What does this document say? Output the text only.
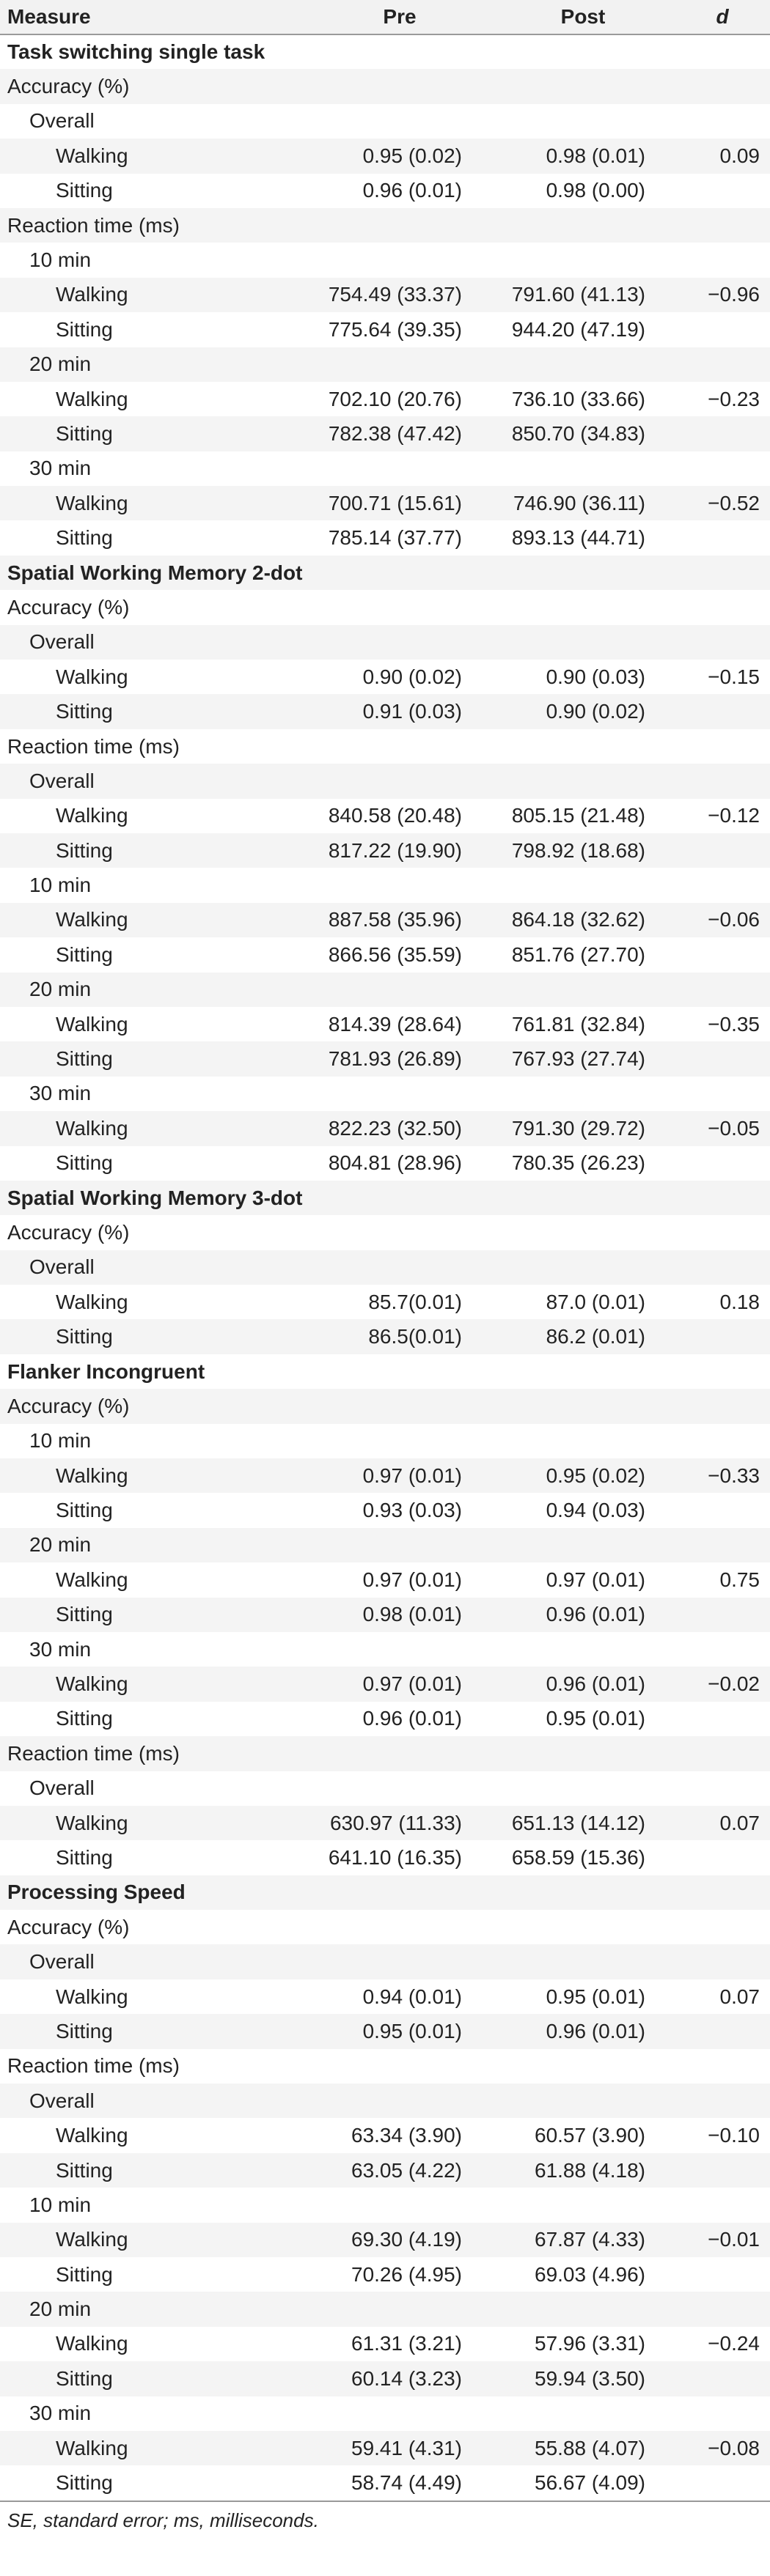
Measure	Pre	Post	d
Task switching single task			
Accuracy (%)			
Overall			
Walking	0.95 (0.02)	0.98 (0.01)	0.09
Sitting	0.96 (0.01)	0.98 (0.00)	
Reaction time (ms)			
10 min			
Walking	754.49 (33.37)	791.60 (41.13)	−0.96
Sitting	775.64 (39.35)	944.20 (47.19)	
20 min			
Walking	702.10 (20.76)	736.10 (33.66)	−0.23
Sitting	782.38 (47.42)	850.70 (34.83)	
30 min			
Walking	700.71 (15.61)	746.90 (36.11)	−0.52
Sitting	785.14 (37.77)	893.13 (44.71)	
Spatial Working Memory 2-dot			
Accuracy (%)			
Overall			
Walking	0.90 (0.02)	0.90 (0.03)	−0.15
Sitting	0.91 (0.03)	0.90 (0.02)	
Reaction time (ms)			
Overall			
Walking	840.58 (20.48)	805.15 (21.48)	−0.12
Sitting	817.22 (19.90)	798.92 (18.68)	
10 min			
Walking	887.58 (35.96)	864.18 (32.62)	−0.06
Sitting	866.56 (35.59)	851.76 (27.70)	
20 min			
Walking	814.39 (28.64)	761.81 (32.84)	−0.35
Sitting	781.93 (26.89)	767.93 (27.74)	
30 min			
Walking	822.23 (32.50)	791.30 (29.72)	−0.05
Sitting	804.81 (28.96)	780.35 (26.23)	
Spatial Working Memory 3-dot			
Accuracy (%)			
Overall			
Walking	85.7(0.01)	87.0 (0.01)	0.18
Sitting	86.5(0.01)	86.2 (0.01)	
Flanker Incongruent			
Accuracy (%)			
10 min			
Walking	0.97 (0.01)	0.95 (0.02)	−0.33
Sitting	0.93 (0.03)	0.94 (0.03)	
20 min			
Walking	0.97 (0.01)	0.97 (0.01)	0.75
Sitting	0.98 (0.01)	0.96 (0.01)	
30 min			
Walking	0.97 (0.01)	0.96 (0.01)	−0.02
Sitting	0.96 (0.01)	0.95 (0.01)	
Reaction time (ms)			
Overall			
Walking	630.97 (11.33)	651.13 (14.12)	0.07
Sitting	641.10 (16.35)	658.59 (15.36)	
Processing Speed			
Accuracy (%)			
Overall			
Walking	0.94 (0.01)	0.95 (0.01)	0.07
Sitting	0.95 (0.01)	0.96 (0.01)	
Reaction time (ms)			
Overall			
Walking	63.34 (3.90)	60.57 (3.90)	−0.10
Sitting	63.05 (4.22)	61.88 (4.18)	
10 min			
Walking	69.30 (4.19)	67.87 (4.33)	−0.01
Sitting	70.26 (4.95)	69.03 (4.96)	
20 min			
Walking	61.31 (3.21)	57.96 (3.31)	−0.24
Sitting	60.14 (3.23)	59.94 (3.50)	
30 min			
Walking	59.41 (4.31)	55.88 (4.07)	−0.08
Sitting	58.74 (4.49)	56.67 (4.09)	
SE, standard error; ms, milliseconds.
